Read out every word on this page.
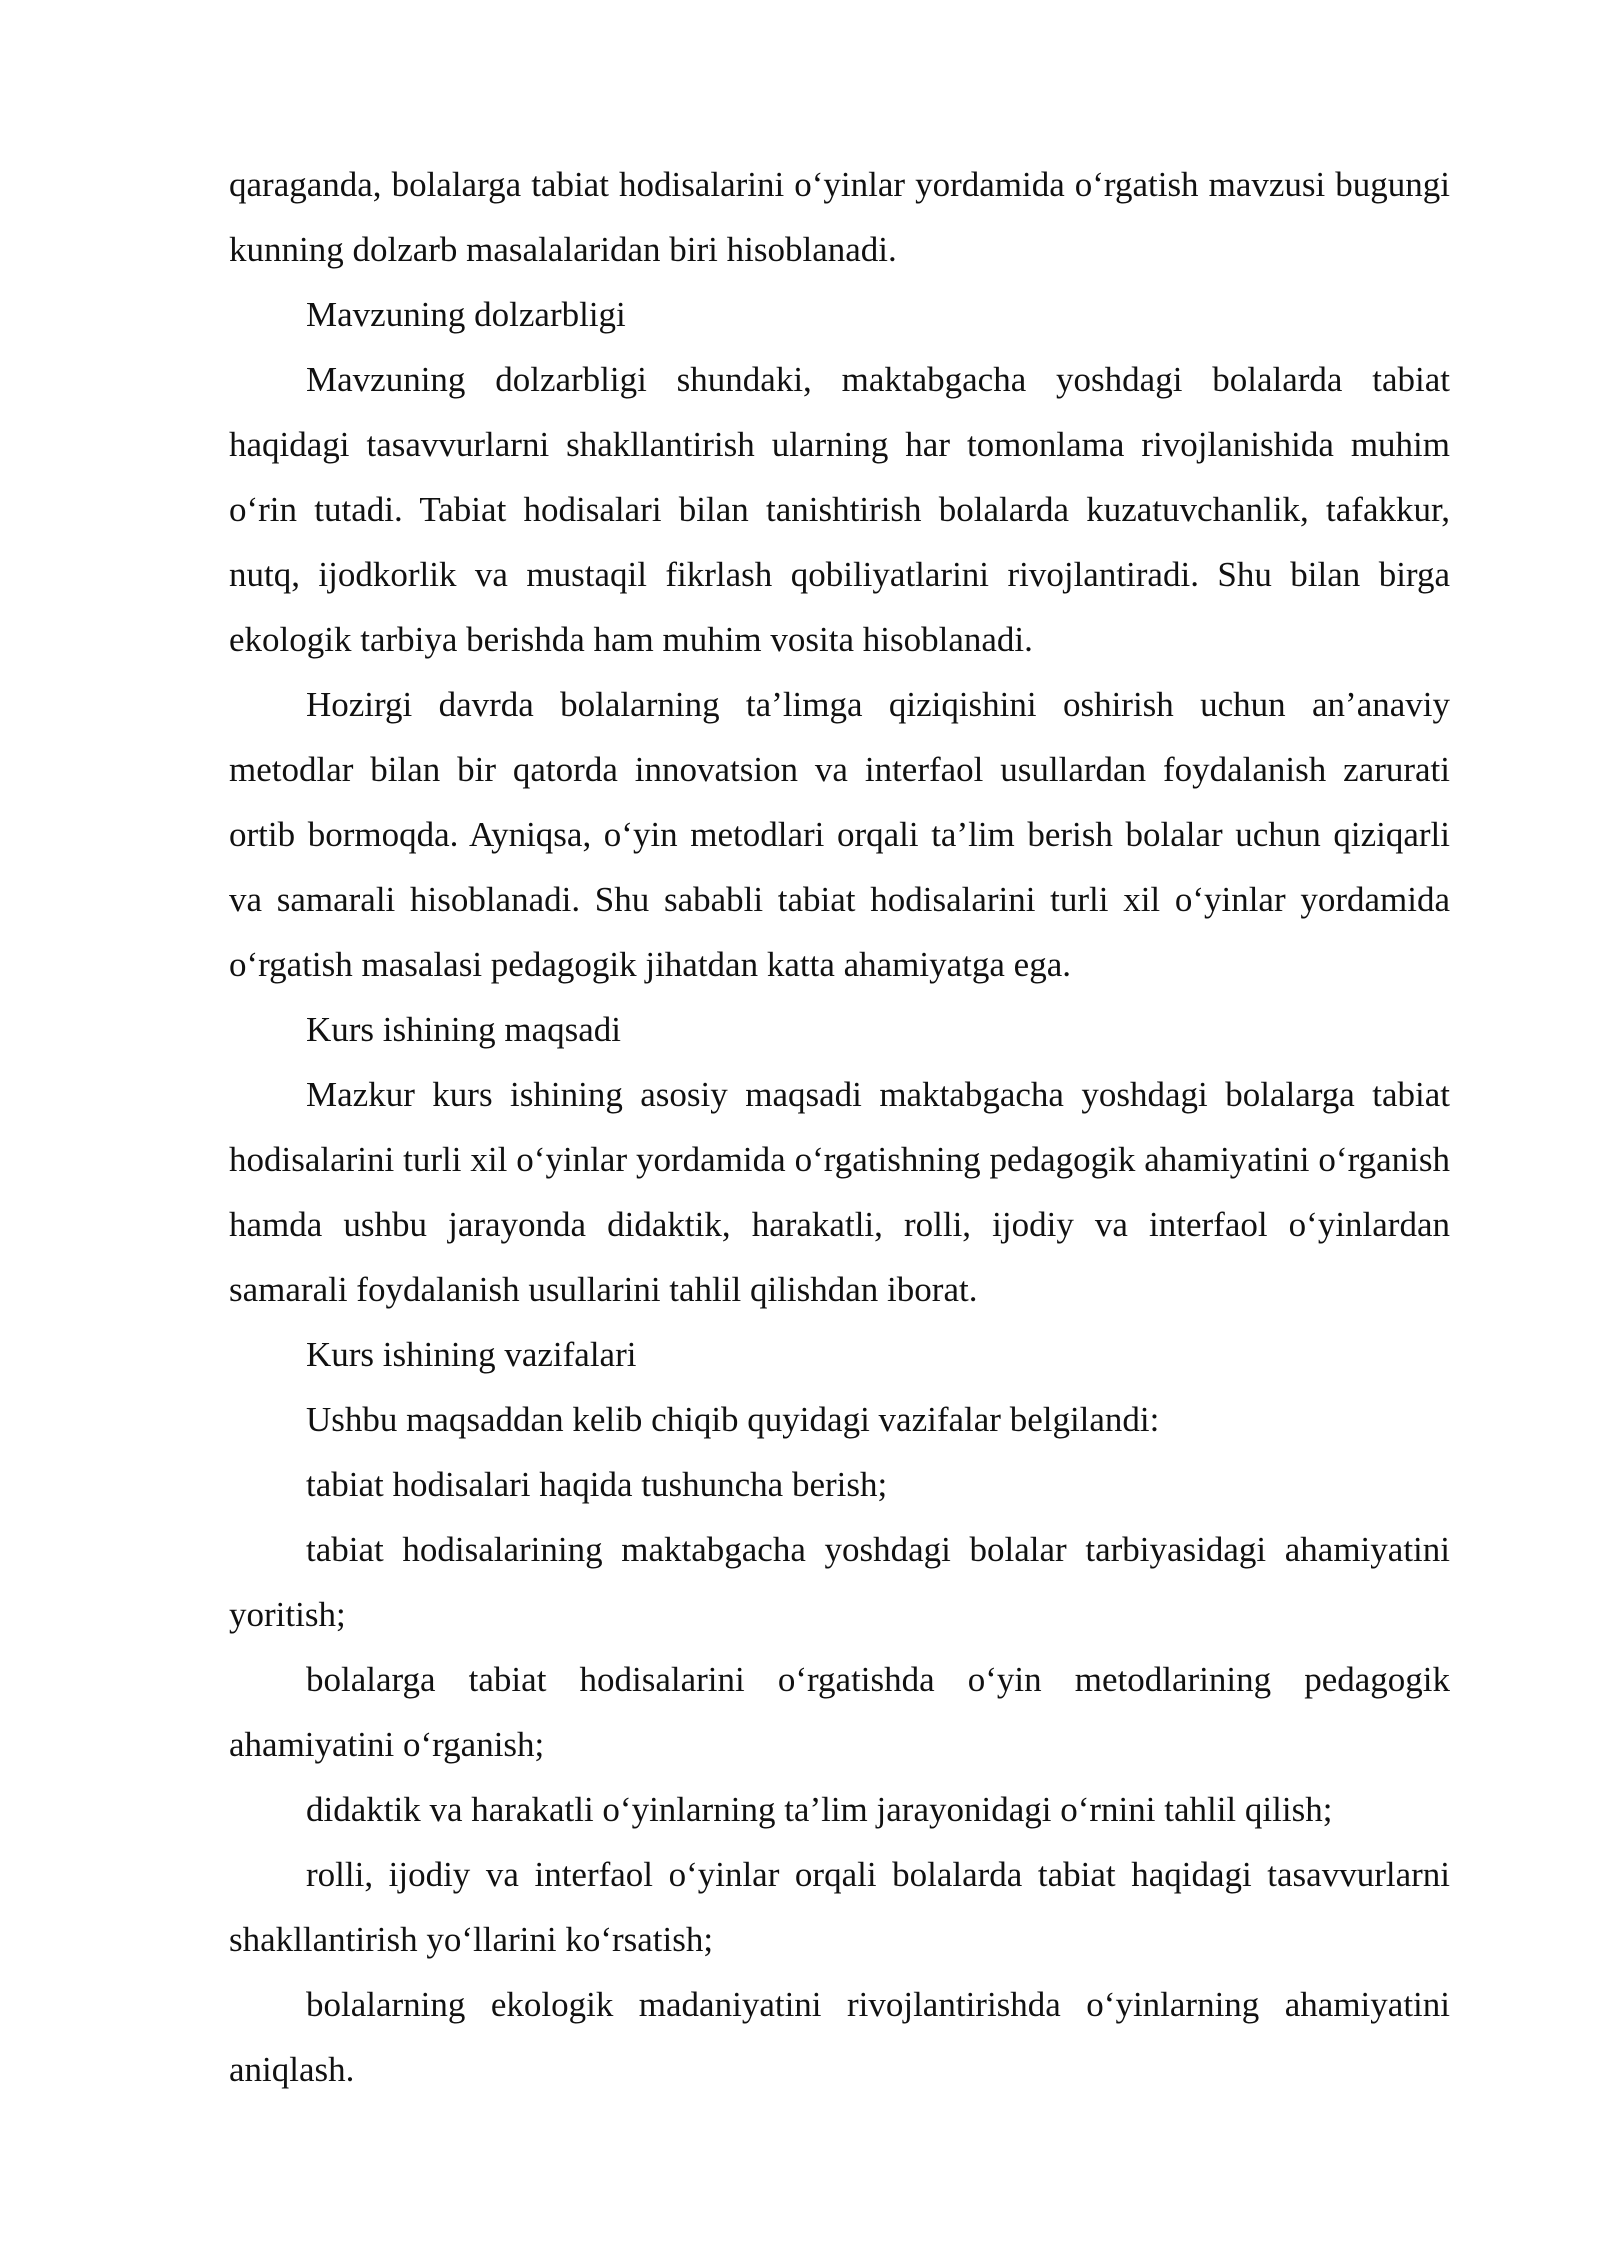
qaraganda, bolalarga tabiat hodisalarini o‘yinlar yordamida o‘rgatish mavzusi bugungi kunning dolzarb masalalaridan biri hisoblanadi.

Mavzuning dolzarbligi

Mavzuning dolzarbligi shundaki, maktabgacha yoshdagi bolalarda tabiat haqidagi tasavvurlarni shakllantirish ularning har tomonlama rivojlanishida muhim o‘rin tutadi. Tabiat hodisalari bilan tanishtirish bolalarda kuzatuvchanlik, tafakkur, nutq, ijodkorlik va mustaqil fikrlash qobiliyatlarini rivojlantiradi. Shu bilan birga ekologik tarbiya berishda ham muhim vosita hisoblanadi.

Hozirgi davrda bolalarning ta’limga qiziqishini oshirish uchun an’anaviy metodlar bilan bir qatorda innovatsion va interfaol usullardan foydalanish zarurati ortib bormoqda. Ayniqsa, o‘yin metodlari orqali ta’lim berish bolalar uchun qiziqarli va samarali hisoblanadi. Shu sababli tabiat hodisalarini turli xil o‘yinlar yordamida o‘rgatish masalasi pedagogik jihatdan katta ahamiyatga ega.

Kurs ishining maqsadi

Mazkur kurs ishining asosiy maqsadi maktabgacha yoshdagi bolalarga tabiat hodisalarini turli xil o‘yinlar yordamida o‘rgatishning pedagogik ahamiyatini o‘rganish hamda ushbu jarayonda didaktik, harakatli, rolli, ijodiy va interfaol o‘yinlardan samarali foydalanish usullarini tahlil qilishdan iborat.

Kurs ishining vazifalari

Ushbu maqsaddan kelib chiqib quyidagi vazifalar belgilandi:

tabiat hodisalari haqida tushuncha berish;

tabiat hodisalarining maktabgacha yoshdagi bolalar tarbiyasidagi ahamiyatini yoritish;

bolalarga tabiat hodisalarini o‘rgatishda o‘yin metodlarining pedagogik ahamiyatini o‘rganish;

didaktik va harakatli o‘yinlarning ta’lim jarayonidagi o‘rnini tahlil qilish;

rolli, ijodiy va interfaol o‘yinlar orqali bolalarda tabiat haqidagi tasavvurlarni shakllantirish yo‘llarini ko‘rsatish;

bolalarning ekologik madaniyatini rivojlantirishda o‘yinlarning ahamiyatini aniqlash.
